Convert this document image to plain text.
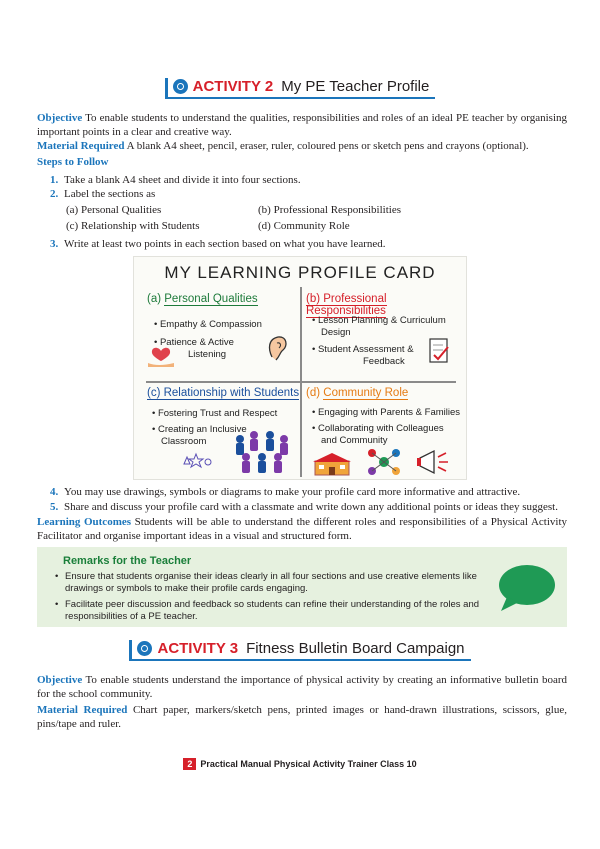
ACTIVITY 2 My PE Teacher Profile

Objective To enable students to understand the qualities, responsibilities and roles of an ideal PE teacher by organising important points in a clear and creative way.

Material Required A blank A4 sheet, pencil, eraser, ruler, coloured pens or sketch pens and crayons (optional).

Steps to Follow
1. Take a blank A4 sheet and divide it into four sections.
2. Label the sections as
(a) Personal Qualities	(b) Professional Responsibilities
(c) Relationship with Students	(d) Community Role
3. Write at least two points in each section based on what you have learned.
MY LEARNING PROFILE CARD
(a) Personal Qualities
• Empathy & Compassion
• Patience & Active
Listening
(b) Professional Responsibilities
• Lesson Planning & Curriculum
Design
• Student Assessment &
Feedback
(c) Relationship with Students
• Fostering Trust and Respect
• Creating an Inclusive
Classroom
(d) Community Role
• Engaging with Parents & Families
• Collaborating with Colleagues
and Community
4. You may use drawings, symbols or diagrams to make your profile card more informative and attractive.
5. Share and discuss your profile card with a classmate and write down any additional points or ideas they suggest.

Learning Outcomes Students will be able to understand the different roles and responsibilities of a Physical Activity Facilitator and organise important ideas in a visual and structured form.

Remarks for the Teacher
• Ensure that students organise their ideas clearly in all four sections and use creative elements like drawings or symbols to make their profile cards engaging.
• Facilitate peer discussion and feedback so students can refine their understanding of the roles and responsibilities of a PE teacher.
ACTIVITY 3 Fitness Bulletin Board Campaign

Objective To enable students understand the importance of physical activity by creating an informative bulletin board for the school community.

Material Required Chart paper, markers/sketch pens, printed images or hand-drawn illustrations, scissors, glue, pins/tape and ruler.

2 Practical Manual Physical Activity Trainer Class 10
